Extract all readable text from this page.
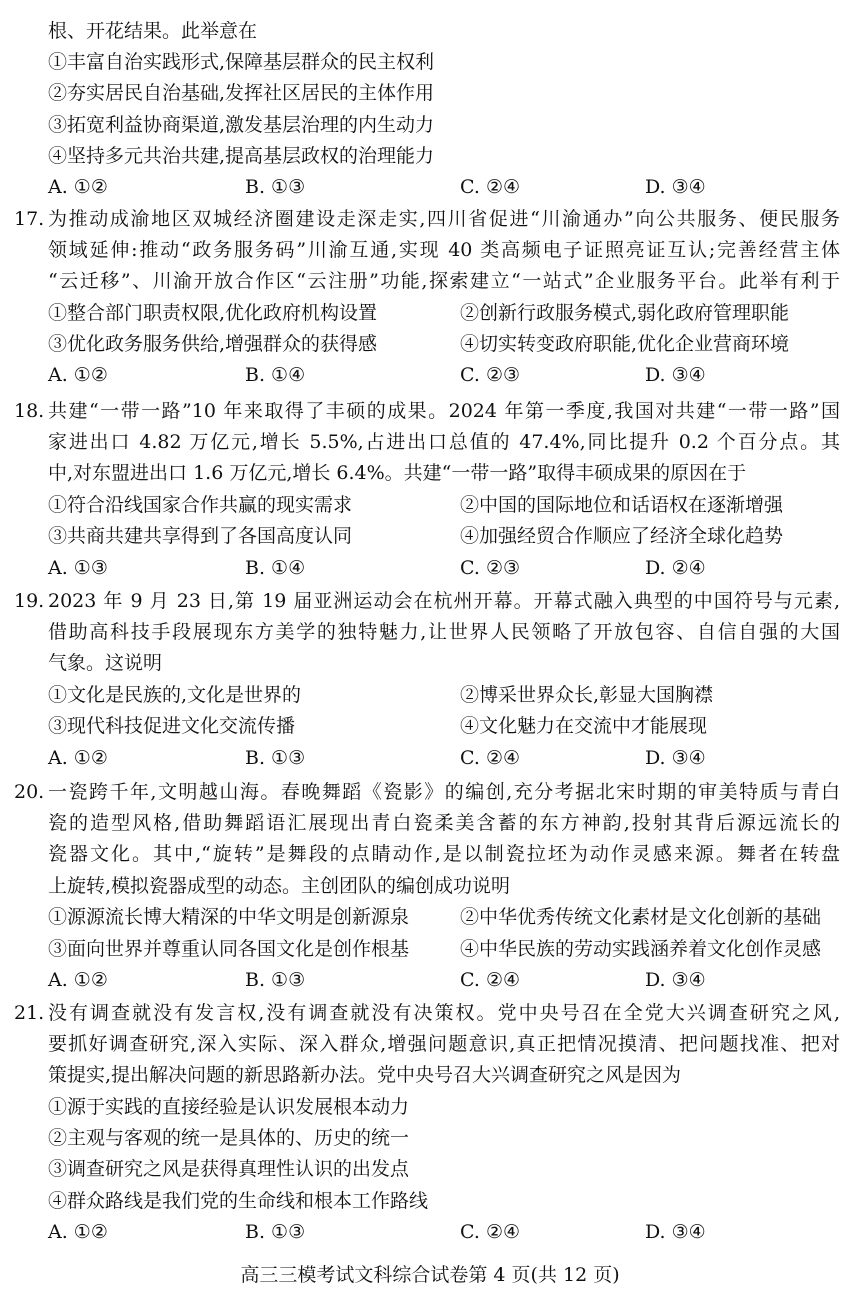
根、开花结果。此举意在
①丰富自治实践形式,保障基层群众的民主权利
②夯实居民自治基础,发挥社区居民的主体作用
③拓宽利益协商渠道,激发基层治理的内生动力
④坚持多元共治共建,提高基层政权的治理能力
A. ①②	B. ①③	C. ②④	D. ③④
17. 为推动成渝地区双城经济圈建设走深走实,四川省促进“川渝通办”向公共服务、便民服务
领域延伸:推动“政务服务码”川渝互通,实现 40 类高频电子证照亮证互认;完善经营主体
“云迁移”、川渝开放合作区“云注册”功能,探索建立“一站式”企业服务平台。此举有利于
①整合部门职责权限,优化政府机构设置	②创新行政服务模式,弱化政府管理职能
③优化政务服务供给,增强群众的获得感	④切实转变政府职能,优化企业营商环境
A. ①②	B. ①④	C. ②③	D. ③④
18. 共建“一带一路”10 年来取得了丰硕的成果。2024 年第一季度,我国对共建“一带一路”国
家进出口 4.82 万亿元,增长 5.5%,占进出口总值的 47.4%,同比提升 0.2 个百分点。其
中,对东盟进出口 1.6 万亿元,增长 6.4%。共建“一带一路”取得丰硕成果的原因在于
①符合沿线国家合作共赢的现实需求	②中国的国际地位和话语权在逐渐增强
③共商共建共享得到了各国高度认同	④加强经贸合作顺应了经济全球化趋势
A. ①③	B. ①④	C. ②③	D. ②④
19. 2023 年 9 月 23 日,第 19 届亚洲运动会在杭州开幕。开幕式融入典型的中国符号与元素,
借助高科技手段展现东方美学的独特魅力,让世界人民领略了开放包容、自信自强的大国
气象。这说明
①文化是民族的,文化是世界的	②博采世界众长,彰显大国胸襟
③现代科技促进文化交流传播	④文化魅力在交流中才能展现
A. ①②	B. ①③	C. ②④	D. ③④
20. 一瓷跨千年,文明越山海。春晚舞蹈《瓷影》的编创,充分考据北宋时期的审美特质与青白
瓷的造型风格,借助舞蹈语汇展现出青白瓷柔美含蓄的东方神韵,投射其背后源远流长的
瓷器文化。其中,“旋转”是舞段的点睛动作,是以制瓷拉坯为动作灵感来源。舞者在转盘
上旋转,模拟瓷器成型的动态。主创团队的编创成功说明
①源源流长博大精深的中华文明是创新源泉	②中华优秀传统文化素材是文化创新的基础
③面向世界并尊重认同各国文化是创作根基	④中华民族的劳动实践涵养着文化创作灵感
A. ①②	B. ①③	C. ②④	D. ③④
21. 没有调查就没有发言权,没有调查就没有决策权。党中央号召在全党大兴调查研究之风,
要抓好调查研究,深入实际、深入群众,增强问题意识,真正把情况摸清、把问题找准、把对
策提实,提出解决问题的新思路新办法。党中央号召大兴调查研究之风是因为
①源于实践的直接经验是认识发展根本动力
②主观与客观的统一是具体的、历史的统一
③调查研究之风是获得真理性认识的出发点
④群众路线是我们党的生命线和根本工作路线
A. ①②	B. ①③	C. ②④	D. ③④
高三三模考试文科综合试卷第 4 页(共 12 页)
